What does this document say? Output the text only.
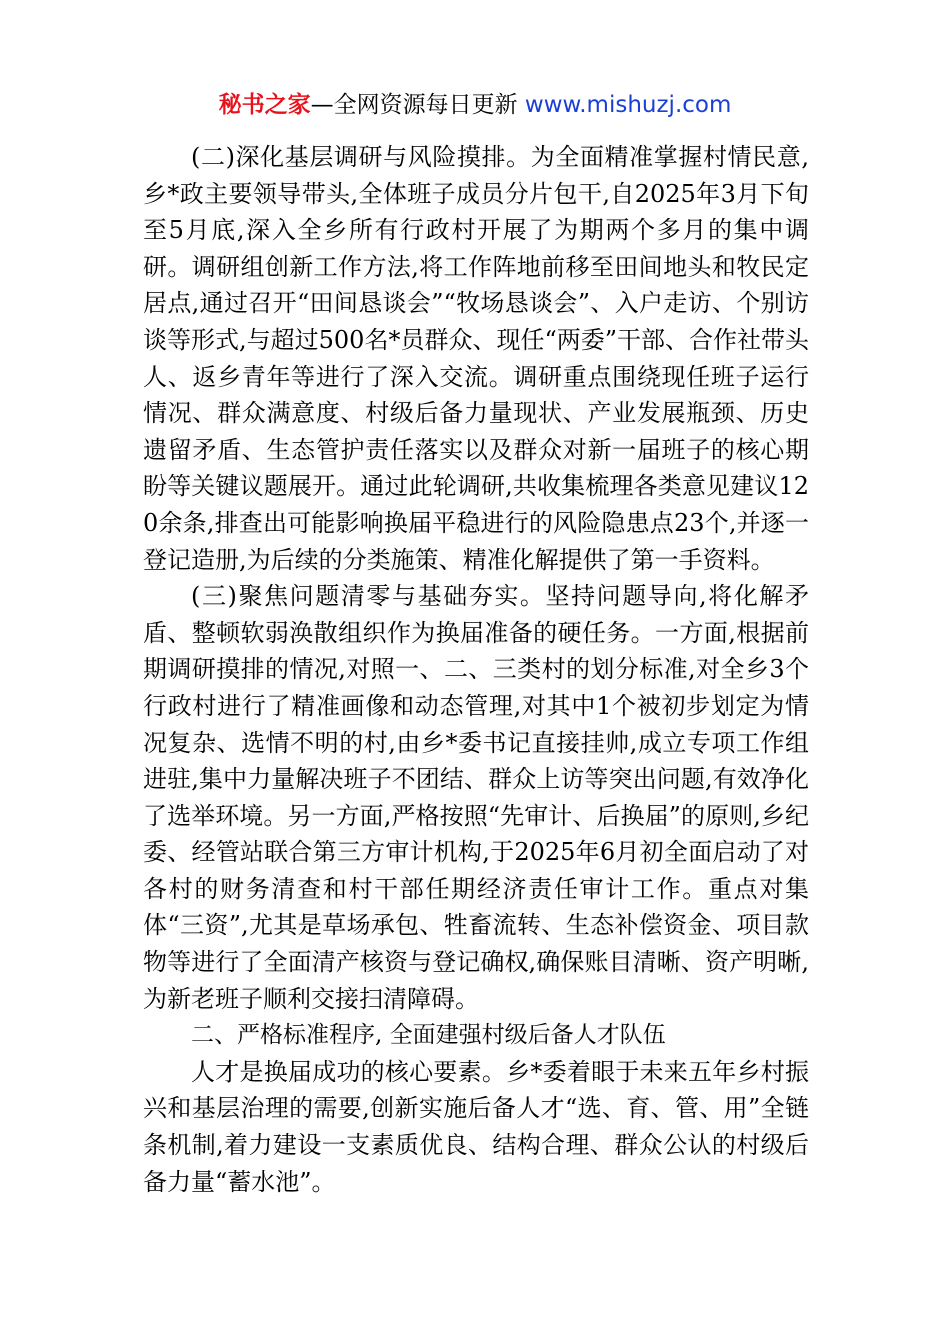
秘书之家—全网资源每日更新 www.mishuzj.com

(二)深化基层调研与风险摸排。为全面精准掌握村情民意,乡*政主要领导带头,全体班子成员分片包干,自2025年3月下旬至5月底,深入全乡所有行政村开展了为期两个多月的集中调研。调研组创新工作方法,将工作阵地前移至田间地头和牧民定居点,通过召开“田间恳谈会”“牧场恳谈会”、入户走访、个别访谈等形式,与超过500名*员群众、现任“两委”干部、合作社带头人、返乡青年等进行了深入交流。调研重点围绕现任班子运行情况、群众满意度、村级后备力量现状、产业发展瓶颈、历史遗留矛盾、生态管护责任落实以及群众对新一届班子的核心期盼等关键议题展开。通过此轮调研,共收集梳理各类意见建议120余条,排查出可能影响换届平稳进行的风险隐患点23个,并逐一登记造册,为后续的分类施策、精准化解提供了第一手资料。

(三)聚焦问题清零与基础夯实。坚持问题导向,将化解矛盾、整顿软弱涣散组织作为换届准备的硬任务。一方面,根据前期调研摸排的情况,对照一、二、三类村的划分标准,对全乡3个行政村进行了精准画像和动态管理,对其中1个被初步划定为情况复杂、选情不明的村,由乡*委书记直接挂帅,成立专项工作组进驻,集中力量解决班子不团结、群众上访等突出问题,有效净化了选举环境。另一方面,严格按照“先审计、后换届”的原则,乡纪委、经管站联合第三方审计机构,于2025年6月初全面启动了对各村的财务清查和村干部任期经济责任审计工作。重点对集体“三资”,尤其是草场承包、牲畜流转、生态补偿资金、项目款物等进行了全面清产核资与登记确权,确保账目清晰、资产明晰,为新老班子顺利交接扫清障碍。

二、严格标准程序, 全面建强村级后备人才队伍

人才是换届成功的核心要素。乡*委着眼于未来五年乡村振兴和基层治理的需要,创新实施后备人才“选、育、管、用”全链条机制,着力建设一支素质优良、结构合理、群众公认的村级后备力量“蓄水池”。
